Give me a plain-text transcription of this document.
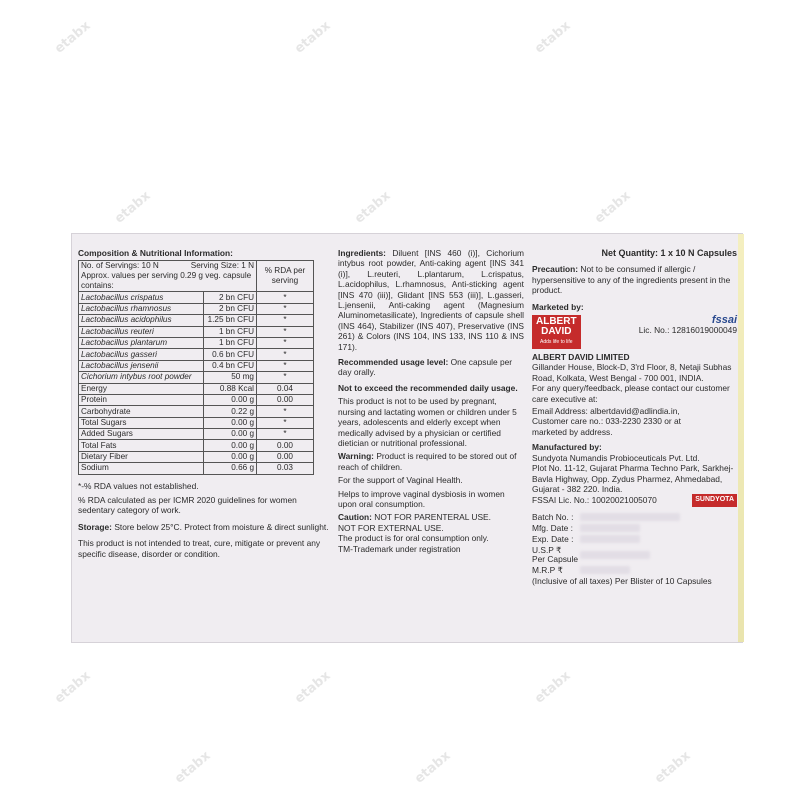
etabx	etabx	etabx
etabx	etabx	etabx
etabx	etabx	etabx
etabx	etabx	etabx
Composition & Nutritional Information:
No. of Servings: 10 N Serving Size: 1 N
Approx. values per serving 0.29 g veg. capsule contains:		% RDA per serving
Lactobacillus crispatus	2 bn CFU	*
Lactobacillus rhamnosus	2 bn CFU	*
Lactobacillus acidophilus	1.25 bn CFU	*
Lactobacillus reuteri	1 bn CFU	*
Lactobacillus plantarum	1 bn CFU	*
Lactobacillus gasseri	0.6 bn CFU	*
Lactobacillus jensenii	0.4 bn CFU	*
Cichorium intybus root powder	50 mg	*
Energy	0.88 Kcal	0.04
Protein	0.00 g	0.00
Carbohydrate	0.22 g	*
Total Sugars	0.00 g	*
Added Sugars	0.00 g	*
Total Fats	0.00 g	0.00
Dietary Fiber	0.00 g	0.00
Sodium	0.66 g	0.03
*-% RDA values not established.
% RDA calculated as per ICMR 2020 guidelines for women sedentary category of work.
Storage: Store below 25°C. Protect from moisture & direct sunlight.
This product is not intended to treat, cure, mitigate or prevent any specific disease, disorder or condition.

Ingredients: Diluent [INS 460 (i)], Cichorium intybus root powder, Anti-caking agent [INS 341 (i)], L.reuteri, L.plantarum, L.crispatus, L.acidophilus, L.rhamnosus, Anti-sticking agent [INS 470 (iii)], Glidant [INS 553 (iii)], L.gasseri, L.jensenii, Anti-caking agent (Magnesium Aluminometasilicate), Ingredients of capsule shell (INS 464), Stabilizer (INS 407), Preservative (INS 261) & Colors (INS 104, INS 133, INS 110 & INS 171).

Recommended usage level: One capsule per day orally.

Not to exceed the recommended daily usage.

This product is not to be used by pregnant, nursing and lactating women or children under 5 years, adolescents and elderly except when medically advised by a physician or certified dietician or nutritional professional.

Warning: Product is required to be stored out of reach of children.

For the support of Vaginal Health.

Helps to improve vaginal dysbiosis in women upon oral consumption.

Caution: NOT FOR PARENTERAL USE.

NOT FOR EXTERNAL USE.

The product is for oral consumption only.

TM-Trademark under registration

Net Quantity: 1 x 10 N Capsules

Precaution: Not to be consumed if allergic / hypersensitive to any of the ingredients present in the product.

Marketed by:
ALBERT
DAVID
Adds life to life
fssai
Lic. No.: 12816019000049
ALBERT DAVID LIMITED
Gillander House, Block-D, 3'rd Floor, 8, Netaji Subhas Road, Kolkata, West Bengal - 700 001, INDIA.
For any query/feedback, please contact our customer care executive at:
Email Address: albertdavid@adlindia.in,
Customer care no.: 033-2230 2330 or at
marketed by address.
Manufactured by:
Sundyota Numandis Probioceuticals Pvt. Ltd.
Plot No. 11-12, Gujarat Pharma Techno Park, Sarkhej-Bavla Highway, Opp. Zydus Pharmez, Ahmedabad, Gujarat - 382 220. India.
FSSAI Lic. No.: 10020021005070	SUNDYOTA
Batch No. :
Mfg. Date :
Exp. Date :
U.S.P ₹
Per Capsule
M.R.P ₹
(Inclusive of all taxes) Per Blister of 10 Capsules
